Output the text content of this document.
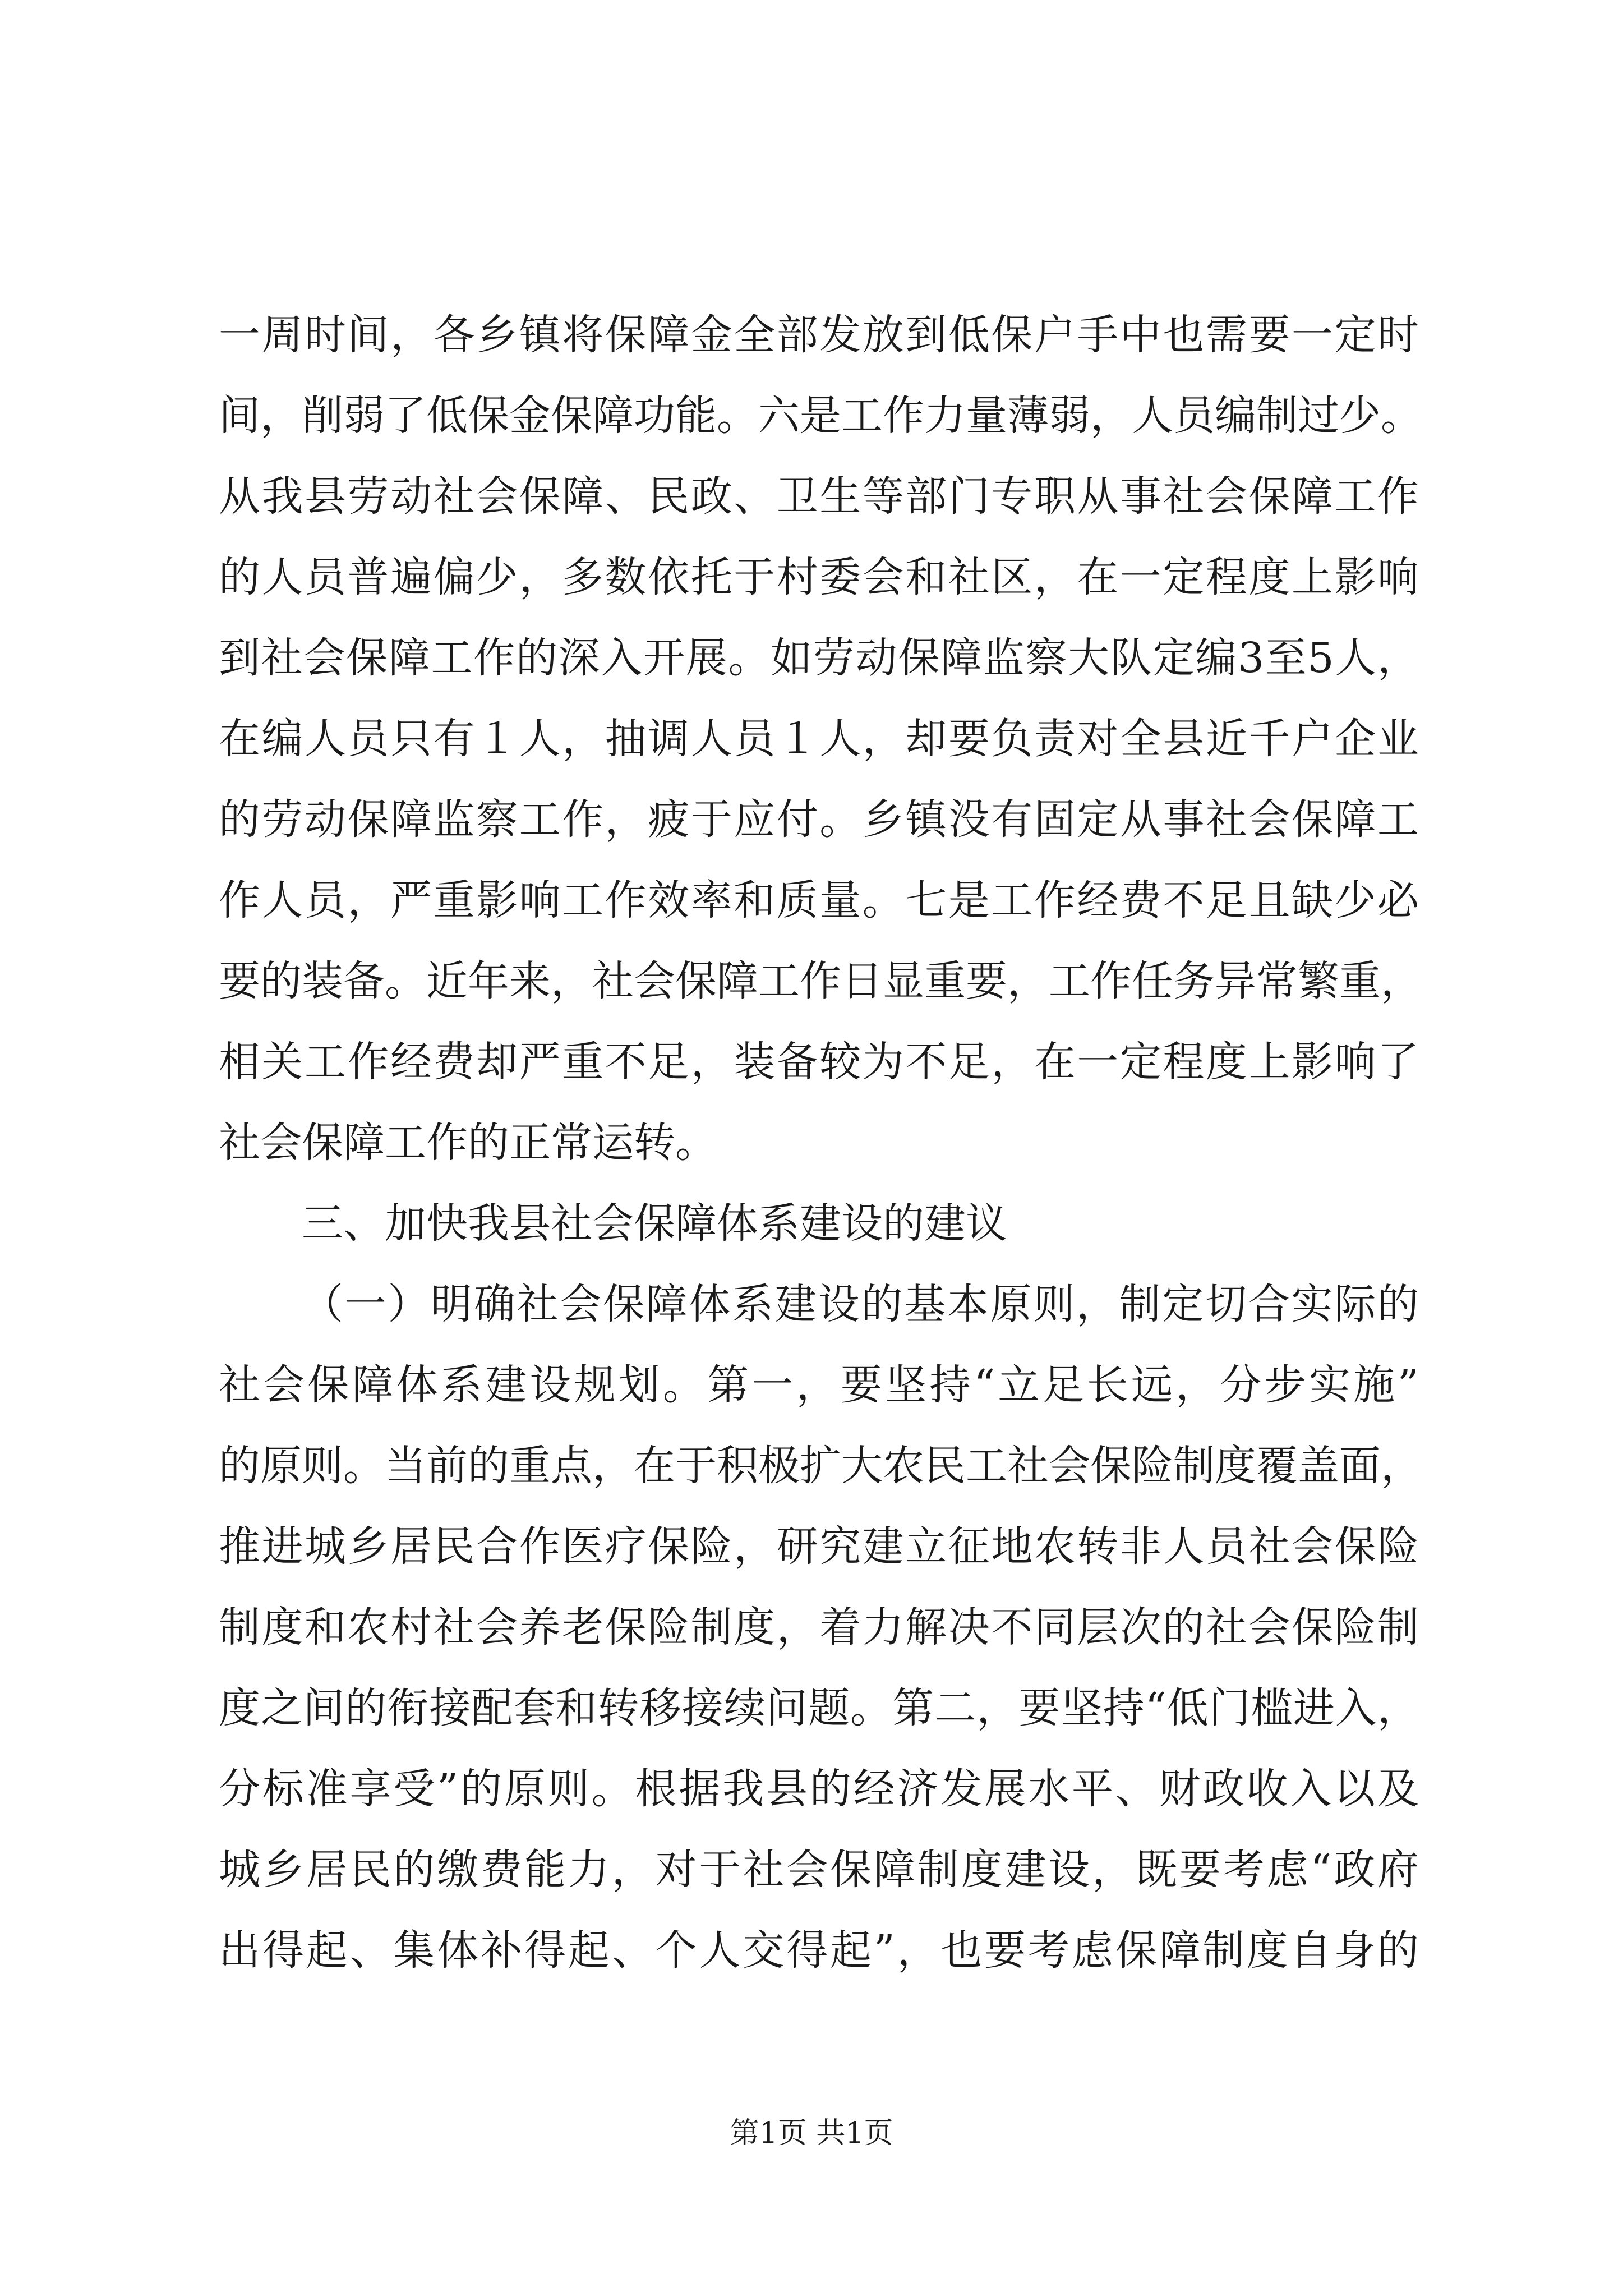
一周时间，各乡镇将保障金全部发放到低保户手中也需要一定时
间，削弱了低保金保障功能。六是工作力量薄弱，人员编制过少。
从我县劳动社会保障、民政、卫生等部门专职从事社会保障工作
的人员普遍偏少，多数依托于村委会和社区，在一定程度上影响
到社会保障工作的深入开展。如劳动保障监察大队定编3至5人，
在编人员只有１人，抽调人员１人，却要负责对全县近千户企业
的劳动保障监察工作，疲于应付。乡镇没有固定从事社会保障工
作人员，严重影响工作效率和质量。七是工作经费不足且缺少必
要的装备。近年来，社会保障工作日显重要，工作任务异常繁重，
相关工作经费却严重不足，装备较为不足，在一定程度上影响了
社会保障工作的正常运转。
三、加快我县社会保障体系建设的建议
（一）明确社会保障体系建设的基本原则，制定切合实际的
社会保障体系建设规划。第一，要坚持“立足长远，分步实施”
的原则。当前的重点，在于积极扩大农民工社会保险制度覆盖面，
推进城乡居民合作医疗保险，研究建立征地农转非人员社会保险
制度和农村社会养老保险制度，着力解决不同层次的社会保险制
度之间的衔接配套和转移接续问题。第二，要坚持“低门槛进入，
分标准享受”的原则。根据我县的经济发展水平、财政收入以及
城乡居民的缴费能力，对于社会保障制度建设，既要考虑“政府
出得起、集体补得起、个人交得起”，也要考虑保障制度自身的
第1页 共1页
